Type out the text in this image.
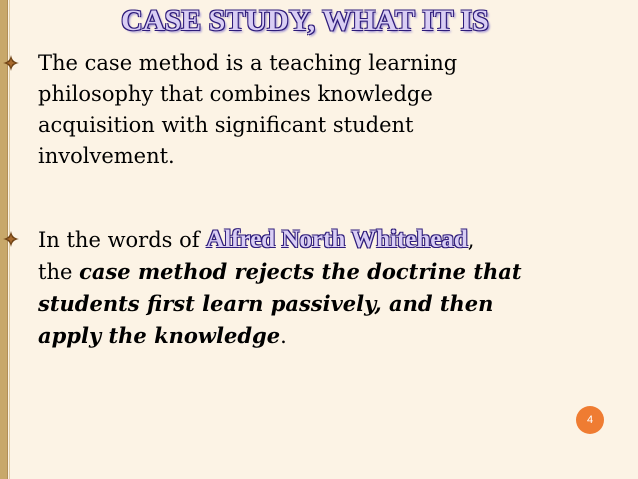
CASE STUDY, WHAT IT IS
The case method is a teaching learning
philosophy that combines knowledge
acquisition with significant student
involvement.
In the words of Alfred North Whitehead,
the case method rejects the doctrine that
students first learn passively, and then
apply the knowledge.
4
